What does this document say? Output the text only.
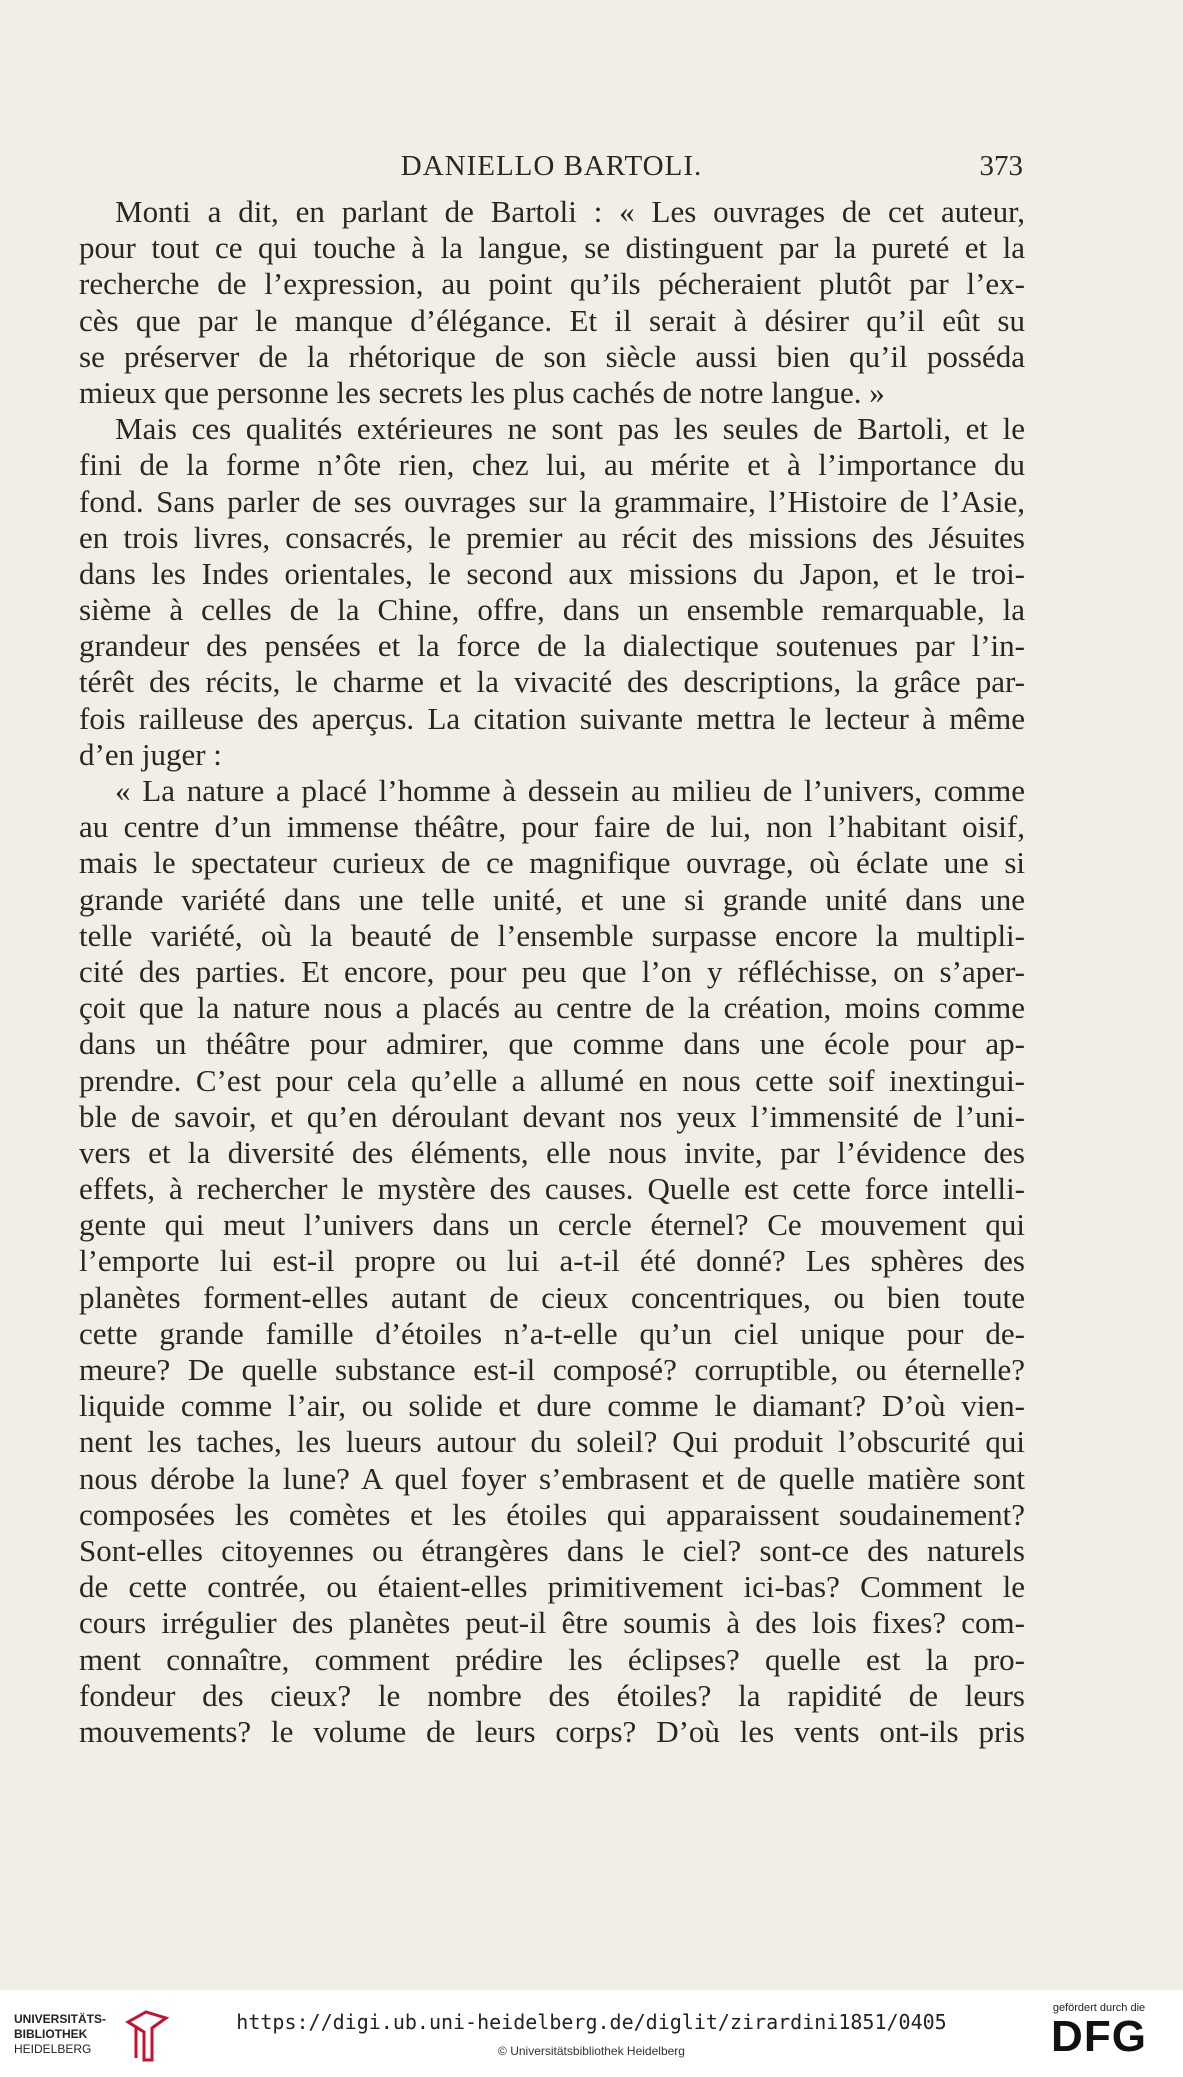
DANIELLO BARTOLI.	373
Monti a dit, en parlant de Bartoli : « Les ouvrages de cet auteur,
pour tout ce qui touche à la langue, se distinguent par la pureté et la
recherche de l’expression, au point qu’ils pécheraient plutôt par l’ex-
cès que par le manque d’élégance. Et il serait à désirer qu’il eût su
se préserver de la rhétorique de son siècle aussi bien qu’il posséda
mieux que personne les secrets les plus cachés de notre langue. »
Mais ces qualités extérieures ne sont pas les seules de Bartoli, et le
fini de la forme n’ôte rien, chez lui, au mérite et à l’importance du
fond. Sans parler de ses ouvrages sur la grammaire, l’Histoire de l’Asie,
en trois livres, consacrés, le premier au récit des missions des Jésuites
dans les Indes orientales, le second aux missions du Japon, et le troi-
sième à celles de la Chine, offre, dans un ensemble remarquable, la
grandeur des pensées et la force de la dialectique soutenues par l’in-
térêt des récits, le charme et la vivacité des descriptions, la grâce par-
fois railleuse des aperçus. La citation suivante mettra le lecteur à même
d’en juger :
« La nature a placé l’homme à dessein au milieu de l’univers, comme
au centre d’un immense théâtre, pour faire de lui, non l’habitant oisif,
mais le spectateur curieux de ce magnifique ouvrage, où éclate une si
grande variété dans une telle unité, et une si grande unité dans une
telle variété, où la beauté de l’ensemble surpasse encore la multipli-
cité des parties. Et encore, pour peu que l’on y réfléchisse, on s’aper-
çoit que la nature nous a placés au centre de la création, moins comme
dans un théâtre pour admirer, que comme dans une école pour ap-
prendre. C’est pour cela qu’elle a allumé en nous cette soif inextingui-
ble de savoir, et qu’en déroulant devant nos yeux l’immensité de l’uni-
vers et la diversité des éléments, elle nous invite, par l’évidence des
effets, à rechercher le mystère des causes. Quelle est cette force intelli-
gente qui meut l’univers dans un cercle éternel? Ce mouvement qui
l’emporte lui est-il propre ou lui a-t-il été donné? Les sphères des
planètes forment-elles autant de cieux concentriques, ou bien toute
cette grande famille d’étoiles n’a-t-elle qu’un ciel unique pour de-
meure? De quelle substance est-il composé? corruptible, ou éternelle?
liquide comme l’air, ou solide et dure comme le diamant? D’où vien-
nent les taches, les lueurs autour du soleil? Qui produit l’obscurité qui
nous dérobe la lune? A quel foyer s’embrasent et de quelle matière sont
composées les comètes et les étoiles qui apparaissent soudainement?
Sont-elles citoyennes ou étrangères dans le ciel? sont-ce des naturels
de cette contrée, ou étaient-elles primitivement ici-bas? Comment le
cours irrégulier des planètes peut-il être soumis à des lois fixes? com-
ment connaître, comment prédire les éclipses? quelle est la pro-
fondeur des cieux? le nombre des étoiles? la rapidité de leurs
mouvements? le volume de leurs corps? D’où les vents ont-ils pris
UNIVERSITÄTS-
BIBLIOTHEK
HEIDELBERG
https://digi.ub.uni-heidelberg.de/diglit/zirardini1851/0405
© Universitätsbibliothek Heidelberg
gefördert durch die
DFG
